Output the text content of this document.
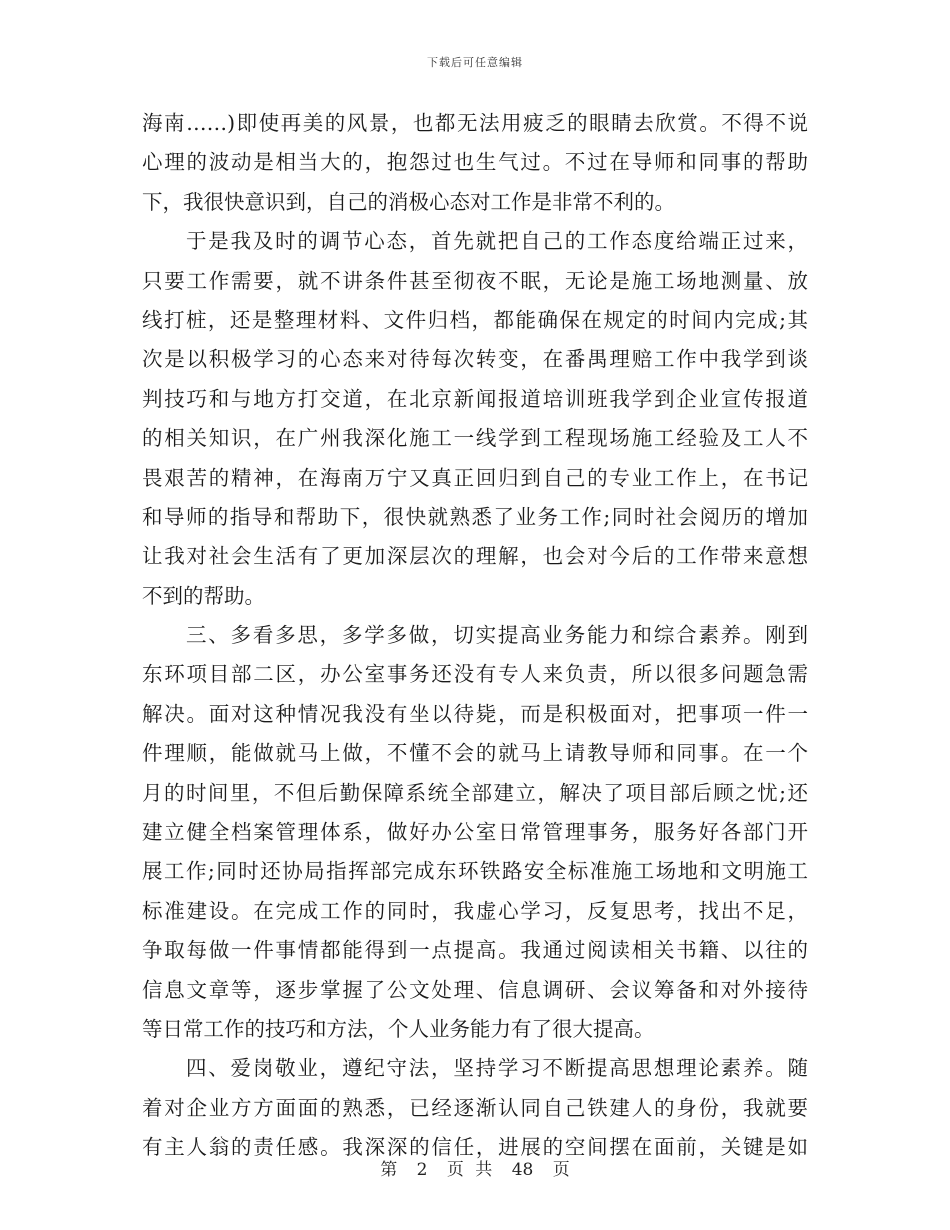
下载后可任意编辑
海南……)即使再美的风景，也都无法用疲乏的眼睛去欣赏。不得不说
心理的波动是相当大的，抱怨过也生气过。不过在导师和同事的帮助
下，我很快意识到，自己的消极心态对工作是非常不利的。
于是我及时的调节心态，首先就把自己的工作态度给端正过来，
只要工作需要，就不讲条件甚至彻夜不眠，无论是施工场地测量、放
线打桩，还是整理材料、文件归档，都能确保在规定的时间内完成;其
次是以积极学习的心态来对待每次转变，在番禺理赔工作中我学到谈
判技巧和与地方打交道，在北京新闻报道培训班我学到企业宣传报道
的相关知识，在广州我深化施工一线学到工程现场施工经验及工人不
畏艰苦的精神，在海南万宁又真正回归到自己的专业工作上，在书记
和导师的指导和帮助下，很快就熟悉了业务工作;同时社会阅历的增加
让我对社会生活有了更加深层次的理解，也会对今后的工作带来意想
不到的帮助。
三、多看多思，多学多做，切实提高业务能力和综合素养。刚到
东环项目部二区，办公室事务还没有专人来负责，所以很多问题急需
解决。面对这种情况我没有坐以待毙，而是积极面对，把事项一件一
件理顺，能做就马上做，不懂不会的就马上请教导师和同事。在一个
月的时间里，不但后勤保障系统全部建立，解决了项目部后顾之忧;还
建立健全档案管理体系，做好办公室日常管理事务，服务好各部门开
展工作;同时还协局指挥部完成东环铁路安全标准施工场地和文明施工
标准建设。在完成工作的同时，我虚心学习，反复思考，找出不足，
争取每做一件事情都能得到一点提高。我通过阅读相关书籍、以往的
信息文章等，逐步掌握了公文处理、信息调研、会议筹备和对外接待
等日常工作的技巧和方法，个人业务能力有了很大提高。
四、爱岗敬业，遵纪守法，坚持学习不断提高思想理论素养。随
着对企业方方面面的熟悉，已经逐渐认同自己铁建人的身份，我就要
有主人翁的责任感。我深深的信任，进展的空间摆在面前，关键是如
第 2 页 共 48 页
